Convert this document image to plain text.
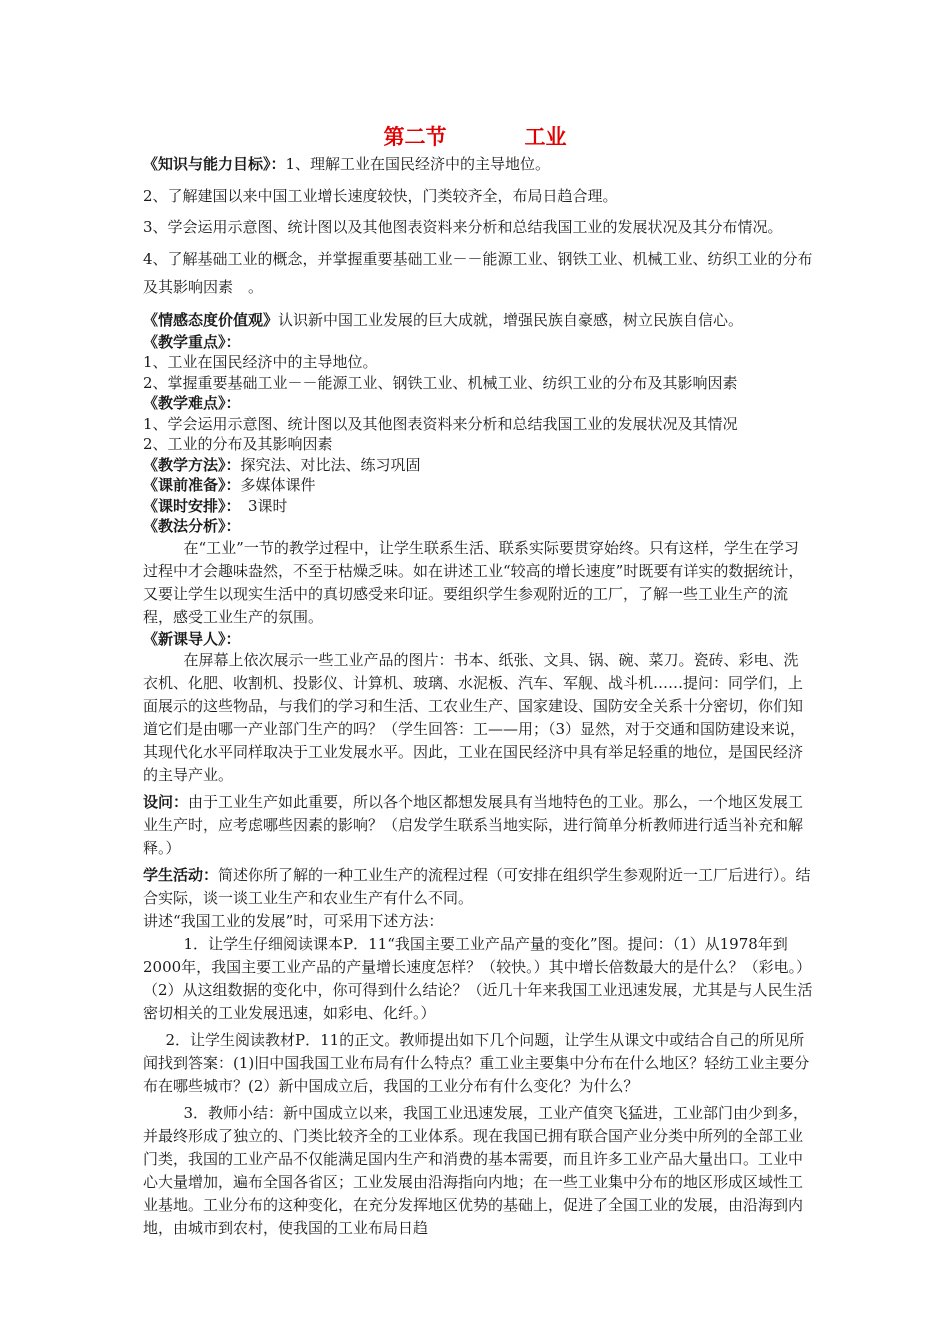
第二节	工业

《知识与能力目标》：1、理解工业在国民经济中的主导地位。

2、了解建国以来中国工业增长速度较快，门类较齐全，布局日趋合理。

3、学会运用示意图、统计图以及其他图表资料来分析和总结我国工业的发展状况及其分布情况。

4、了解基础工业的概念，并掌握重要基础工业－－能源工业、钢铁工业、机械工业、纺织工业的分布及其影响因素　。

《情感态度价值观》认识新中国工业发展的巨大成就，增强民族自豪感，树立民族自信心。

《教学重点》：

1、工业在国民经济中的主导地位。

2、掌握重要基础工业－－能源工业、钢铁工业、机械工业、纺织工业的分布及其影响因素

《教学难点》：

1、学会运用示意图、统计图以及其他图表资料来分析和总结我国工业的发展状况及其情况

2、工业的分布及其影响因素

《教学方法》：探究法、对比法、练习巩固

《课前准备》：多媒体课件

《课时安排》：　3课时

《教法分析》：

在“工业”一节的教学过程中，让学生联系生活、联系实际要贯穿始终。只有这样，学生在学习过程中才会趣味盎然，不至于枯燥乏味。如在讲述工业“较高的增长速度”时既要有详实的数据统计，又要让学生以现实生活中的真切感受来印证。要组织学生参观附近的工厂，了解一些工业生产的流程，感受工业生产的氛围。

《新课导人》：

在屏幕上依次展示一些工业产品的图片：书本、纸张、文具、锅、碗、菜刀。瓷砖、彩电、洗衣机、化肥、收割机、投影仪、计算机、玻璃、水泥板、汽车、军舰、战斗机……提问：同学们，上面展示的这些物品，与我们的学习和生活、工农业生产、国家建设、国防安全关系十分密切，你们知道它们是由哪一产业部门生产的吗？（学生回答：工——用；（3）显然，对于交通和国防建设来说，其现代化水平同样取决于工业发展水平。因此，工业在国民经济中具有举足轻重的地位，是国民经济的主导产业。

设问：由于工业生产如此重要，所以各个地区都想发展具有当地特色的工业。那么，一个地区发展工业生产时，应考虑哪些因素的影响？（启发学生联系当地实际，进行简单分析教师进行适当补充和解释。）

学生活动：简述你所了解的一种工业生产的流程过程（可安排在组织学生参观附近一工厂后进行）。结合实际，谈一谈工业生产和农业生产有什么不同。

讲述“我国工业的发展”时，可采用下述方法：

1．让学生仔细阅读课本P．11“我国主要工业产品产量的变化”图。提问：（1）从1978年到2000年，我国主要工业产品的产量增长速度怎样？（较快。）其中增长倍数最大的是什么？（彩电。）（2）从这组数据的变化中，你可得到什么结论？（近几十年来我国工业迅速发展，尤其是与人民生活密切相关的工业发展迅速，如彩电、化纤。）

2．让学生阅读教材P．11的正文。教师提出如下几个问题，让学生从课文中或结合自己的所见所闻找到答案：(1)旧中国我国工业布局有什么特点？重工业主要集中分布在什么地区？轻纺工业主要分布在哪些城市？(2）新中国成立后，我国的工业分布有什么变化？为什么？

3．教师小结：新中国成立以来，我国工业迅速发展，工业产值突飞猛进，工业部门由少到多，并最终形成了独立的、门类比较齐全的工业体系。现在我国已拥有联合国产业分类中所列的全部工业门类，我国的工业产品不仅能满足国内生产和消费的基本需要，而且许多工业产品大量出口。工业中心大量增加，遍布全国各省区；工业发展由沿海指向内地；在一些工业集中分布的地区形成区域性工业基地。工业分布的这种变化，在充分发挥地区优势的基础上，促进了全国工业的发展，由沿海到内地，由城市到农村，使我国的工业布局日趋
